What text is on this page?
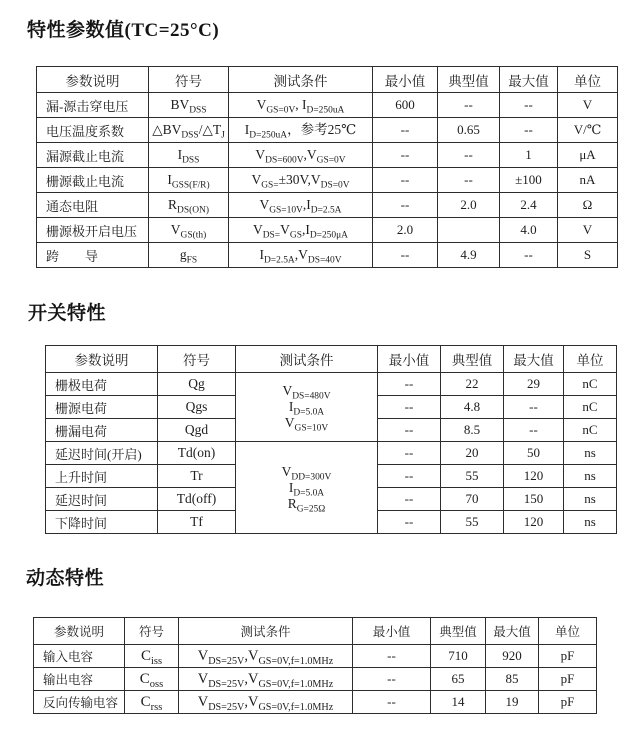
特性参数值(TC=25°C)
参数说明	符号	测试条件	最小值	典型值	最大值	单位
漏-源击穿电压	$BV_{DSS}$	$V_{GS=0V}$, $I_{D=250uA}$	600	--	--	V
电压温度系数	$\triangle BV_{DSS}/\triangle T_J$	$I_{D=250uA}$，参考25℃	--	0.65	--	V/℃
漏源截止电流	$I_{DSS}$	$V_{DS=600V},V_{GS=0V}$	--	--	1	μA
栅源截止电流	$I_{GSS(F/R)}$	$V_{GS=}\pm 30V,V_{DS=0V}$	--	--	±100	nA
通态电阻	$R_{DS(ON)}$	$V_{GS=10V},I_{D=2.5A}$	--	2.0	2.4	Ω
栅源极开启电压	$V_{GS(th)}$	$V_{DS=}V_{GS},I_{D=250\mu A}$	2.0		4.0	V
跨　　导	$g_{FS}$	$I_{D=2.5A},V_{DS=40V}$	--	4.9	--	S
开关特性
参数说明	符号	测试条件	最小值	典型值	最大值	单位
栅极电荷	Qg	$V_{DS=480V}$
$I_{D=5.0A}$
$V_{GS=10V}$	--	22	29	nC
栅源电荷	Qgs		--	4.8	--	nC
栅漏电荷	Qgd		--	8.5	--	nC
延迟时间(开启)	Td(on)	$V_{DD=300V}$
$I_{D=5.0A}$
$R_{G=25\Omega}$	--	20	50	ns
上升时间	Tr		--	55	120	ns
延迟时间	Td(off)		--	70	150	ns
下降时间	Tf		--	55	120	ns
动态特性
参数说明	符号	测试条件	最小值	典型值	最大值	单位
输入电容	$C_{iss}$	$V_{DS=25V},V_{GS=0V,f=1.0MHz}$	--	710	920	pF
输出电容	$C_{oss}$	$V_{DS=25V},V_{GS=0V,f=1.0MHz}$	--	65	85	pF
反向传输电容	$C_{rss}$	$V_{DS=25V},V_{GS=0V,f=1.0MHz}$	--	14	19	pF
